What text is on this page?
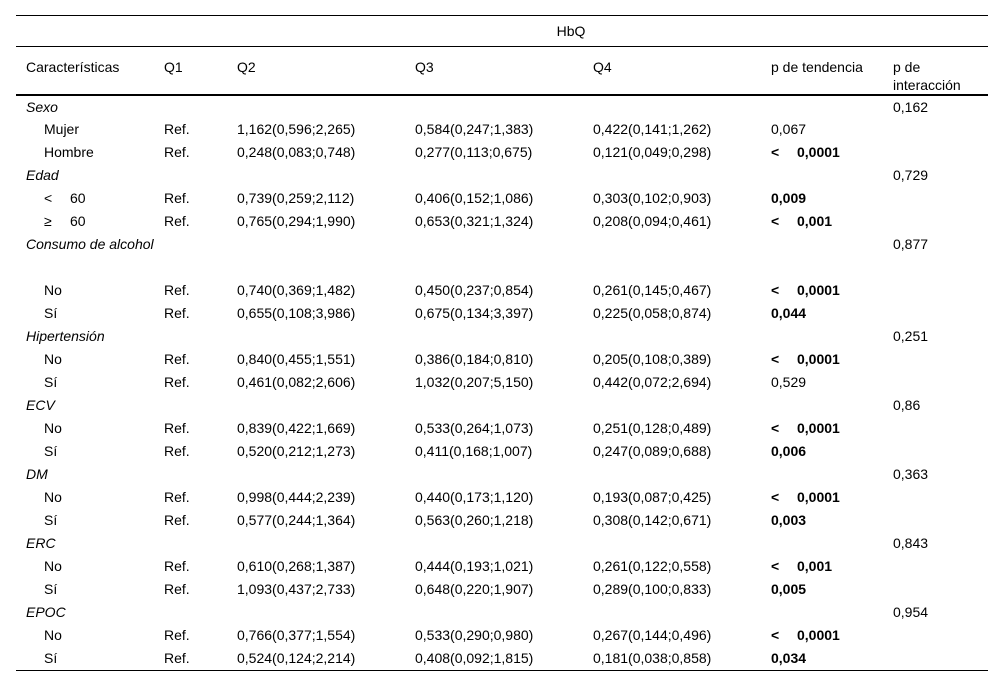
	HbQ					
Características	Q1	Q2	Q3	Q4	p de tendencia	p de interacción
Sexo						0,162
Mujer	Ref.	1,162(0,596;2,265)	0,584(0,247;1,383)	0,422(0,141;1,262)	0,067	
Hombre	Ref.	0,248(0,083;0,748)	0,277(0,113;0,675)	0,121(0,049;0,298)	< 0,0001	
Edad						0,729
< 60	Ref.	0,739(0,259;2,112)	0,406(0,152;1,086)	0,303(0,102;0,903)	0,009	
≥ 60	Ref.	0,765(0,294;1,990)	0,653(0,321;1,324)	0,208(0,094;0,461)	< 0,001	
Consumo de alcohol						0,877
No	Ref.	0,740(0,369;1,482)	0,450(0,237;0,854)	0,261(0,145;0,467)	< 0,0001	
Sí	Ref.	0,655(0,108;3,986)	0,675(0,134;3,397)	0,225(0,058;0,874)	0,044	
Hipertensión						0,251
No	Ref.	0,840(0,455;1,551)	0,386(0,184;0,810)	0,205(0,108;0,389)	< 0,0001	
Sí	Ref.	0,461(0,082;2,606)	1,032(0,207;5,150)	0,442(0,072;2,694)	0,529	
ECV						0,86
No	Ref.	0,839(0,422;1,669)	0,533(0,264;1,073)	0,251(0,128;0,489)	< 0,0001	
Sí	Ref.	0,520(0,212;1,273)	0,411(0,168;1,007)	0,247(0,089;0,688)	0,006	
DM						0,363
No	Ref.	0,998(0,444;2,239)	0,440(0,173;1,120)	0,193(0,087;0,425)	< 0,0001	
Sí	Ref.	0,577(0,244;1,364)	0,563(0,260;1,218)	0,308(0,142;0,671)	0,003	
ERC						0,843
No	Ref.	0,610(0,268;1,387)	0,444(0,193;1,021)	0,261(0,122;0,558)	< 0,001	
Sí	Ref.	1,093(0,437;2,733)	0,648(0,220;1,907)	0,289(0,100;0,833)	0,005	
EPOC						0,954
No	Ref.	0,766(0,377;1,554)	0,533(0,290;0,980)	0,267(0,144;0,496)	< 0,0001	
Sí	Ref.	0,524(0,124;2,214)	0,408(0,092;1,815)	0,181(0,038;0,858)	0,034	
